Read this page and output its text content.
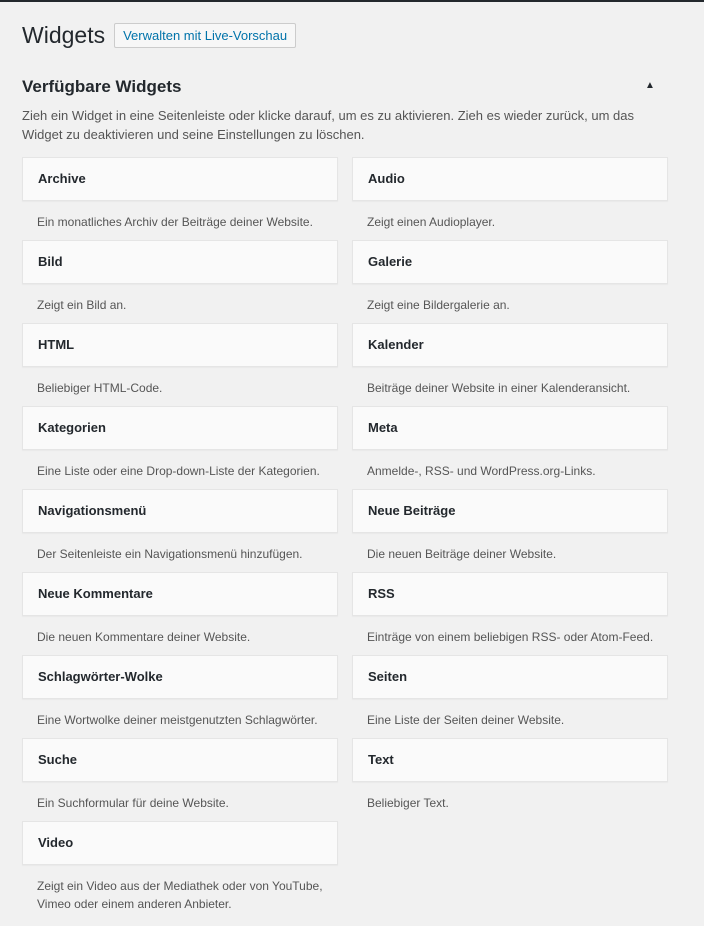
Widgets	Verwalten mit Live-Vorschau
Verfügbare Widgets	▲
Zieh ein Widget in eine Seitenleiste oder klicke darauf, um es zu aktivieren. Zieh es wieder zurück, um das Widget zu deaktivieren und seine Einstellungen zu löschen.
Archive
Ein monatliches Archiv der Beiträge deiner Website.
Audio
Zeigt einen Audioplayer.
Bild
Zeigt ein Bild an.
Galerie
Zeigt eine Bildergalerie an.
HTML
Beliebiger HTML-Code.
Kalender
Beiträge deiner Website in einer Kalenderansicht.
Kategorien
Eine Liste oder eine Drop-down-Liste der Kategorien.
Meta
Anmelde-, RSS- und WordPress.org-Links.
Navigationsmenü
Der Seitenleiste ein Navigationsmenü hinzufügen.
Neue Beiträge
Die neuen Beiträge deiner Website.
Neue Kommentare
Die neuen Kommentare deiner Website.
RSS
Einträge von einem beliebigen RSS- oder Atom-Feed.
Schlagwörter-Wolke
Eine Wortwolke deiner meistgenutzten Schlagwörter.
Seiten
Eine Liste der Seiten deiner Website.
Suche
Ein Suchformular für deine Website.
Text
Beliebiger Text.
Video
Zeigt ein Video aus der Mediathek oder von YouTube, Vimeo oder einem anderen Anbieter.
